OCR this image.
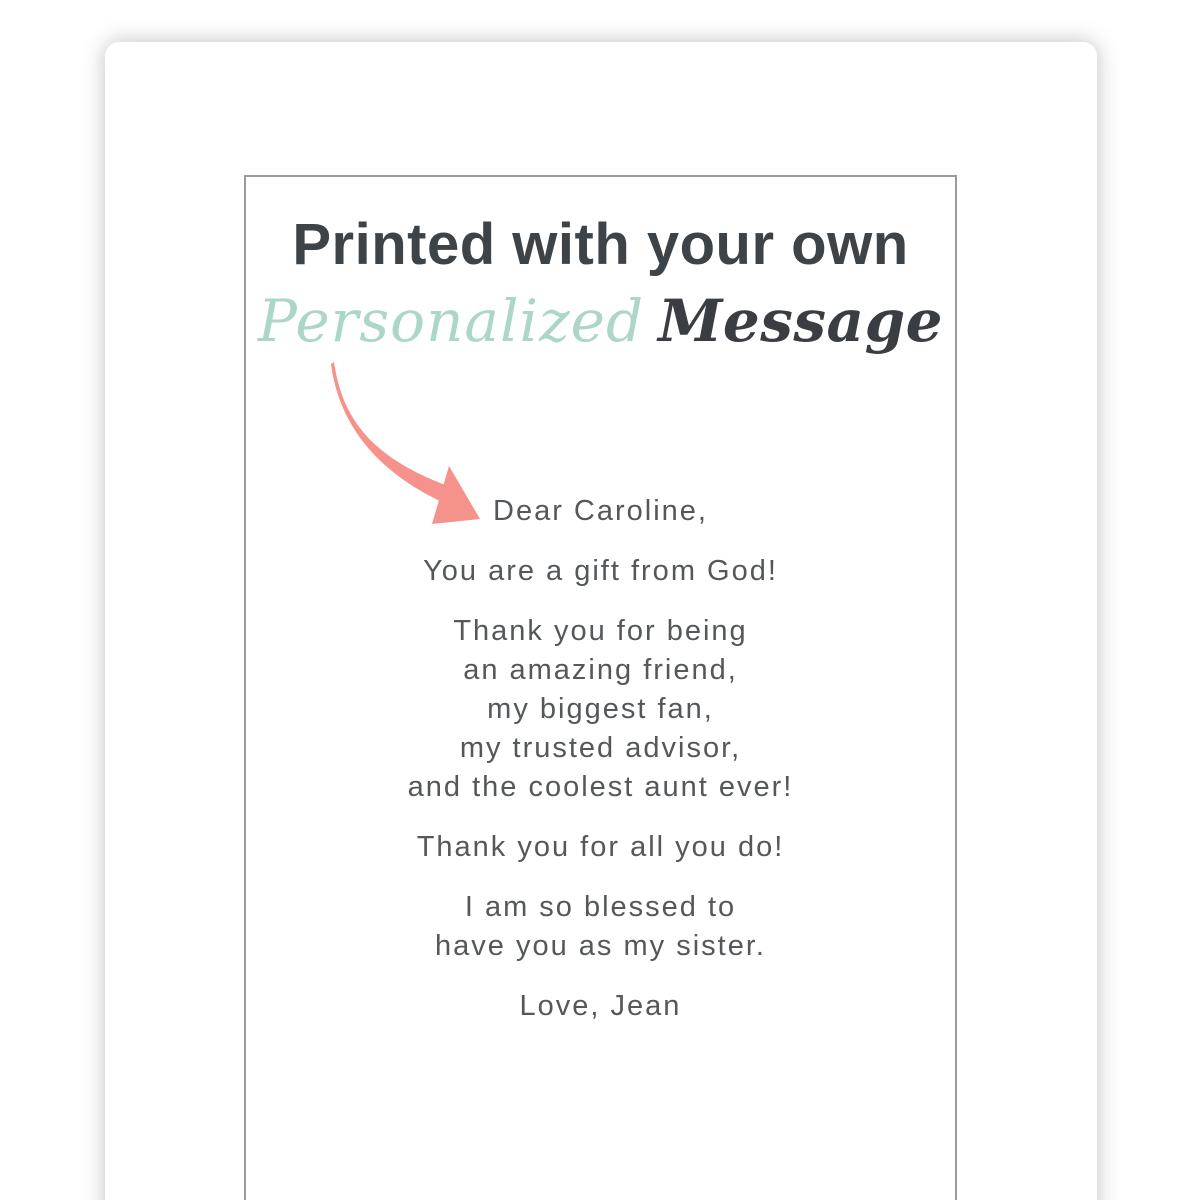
Printed with your own
Personalized Message
Dear Caroline,
You are a gift from God!
Thank you for being
an amazing friend,
my biggest fan,
my trusted advisor,
and the coolest aunt ever!
Thank you for all you do!
I am so blessed to
have you as my sister.
Love, Jean
